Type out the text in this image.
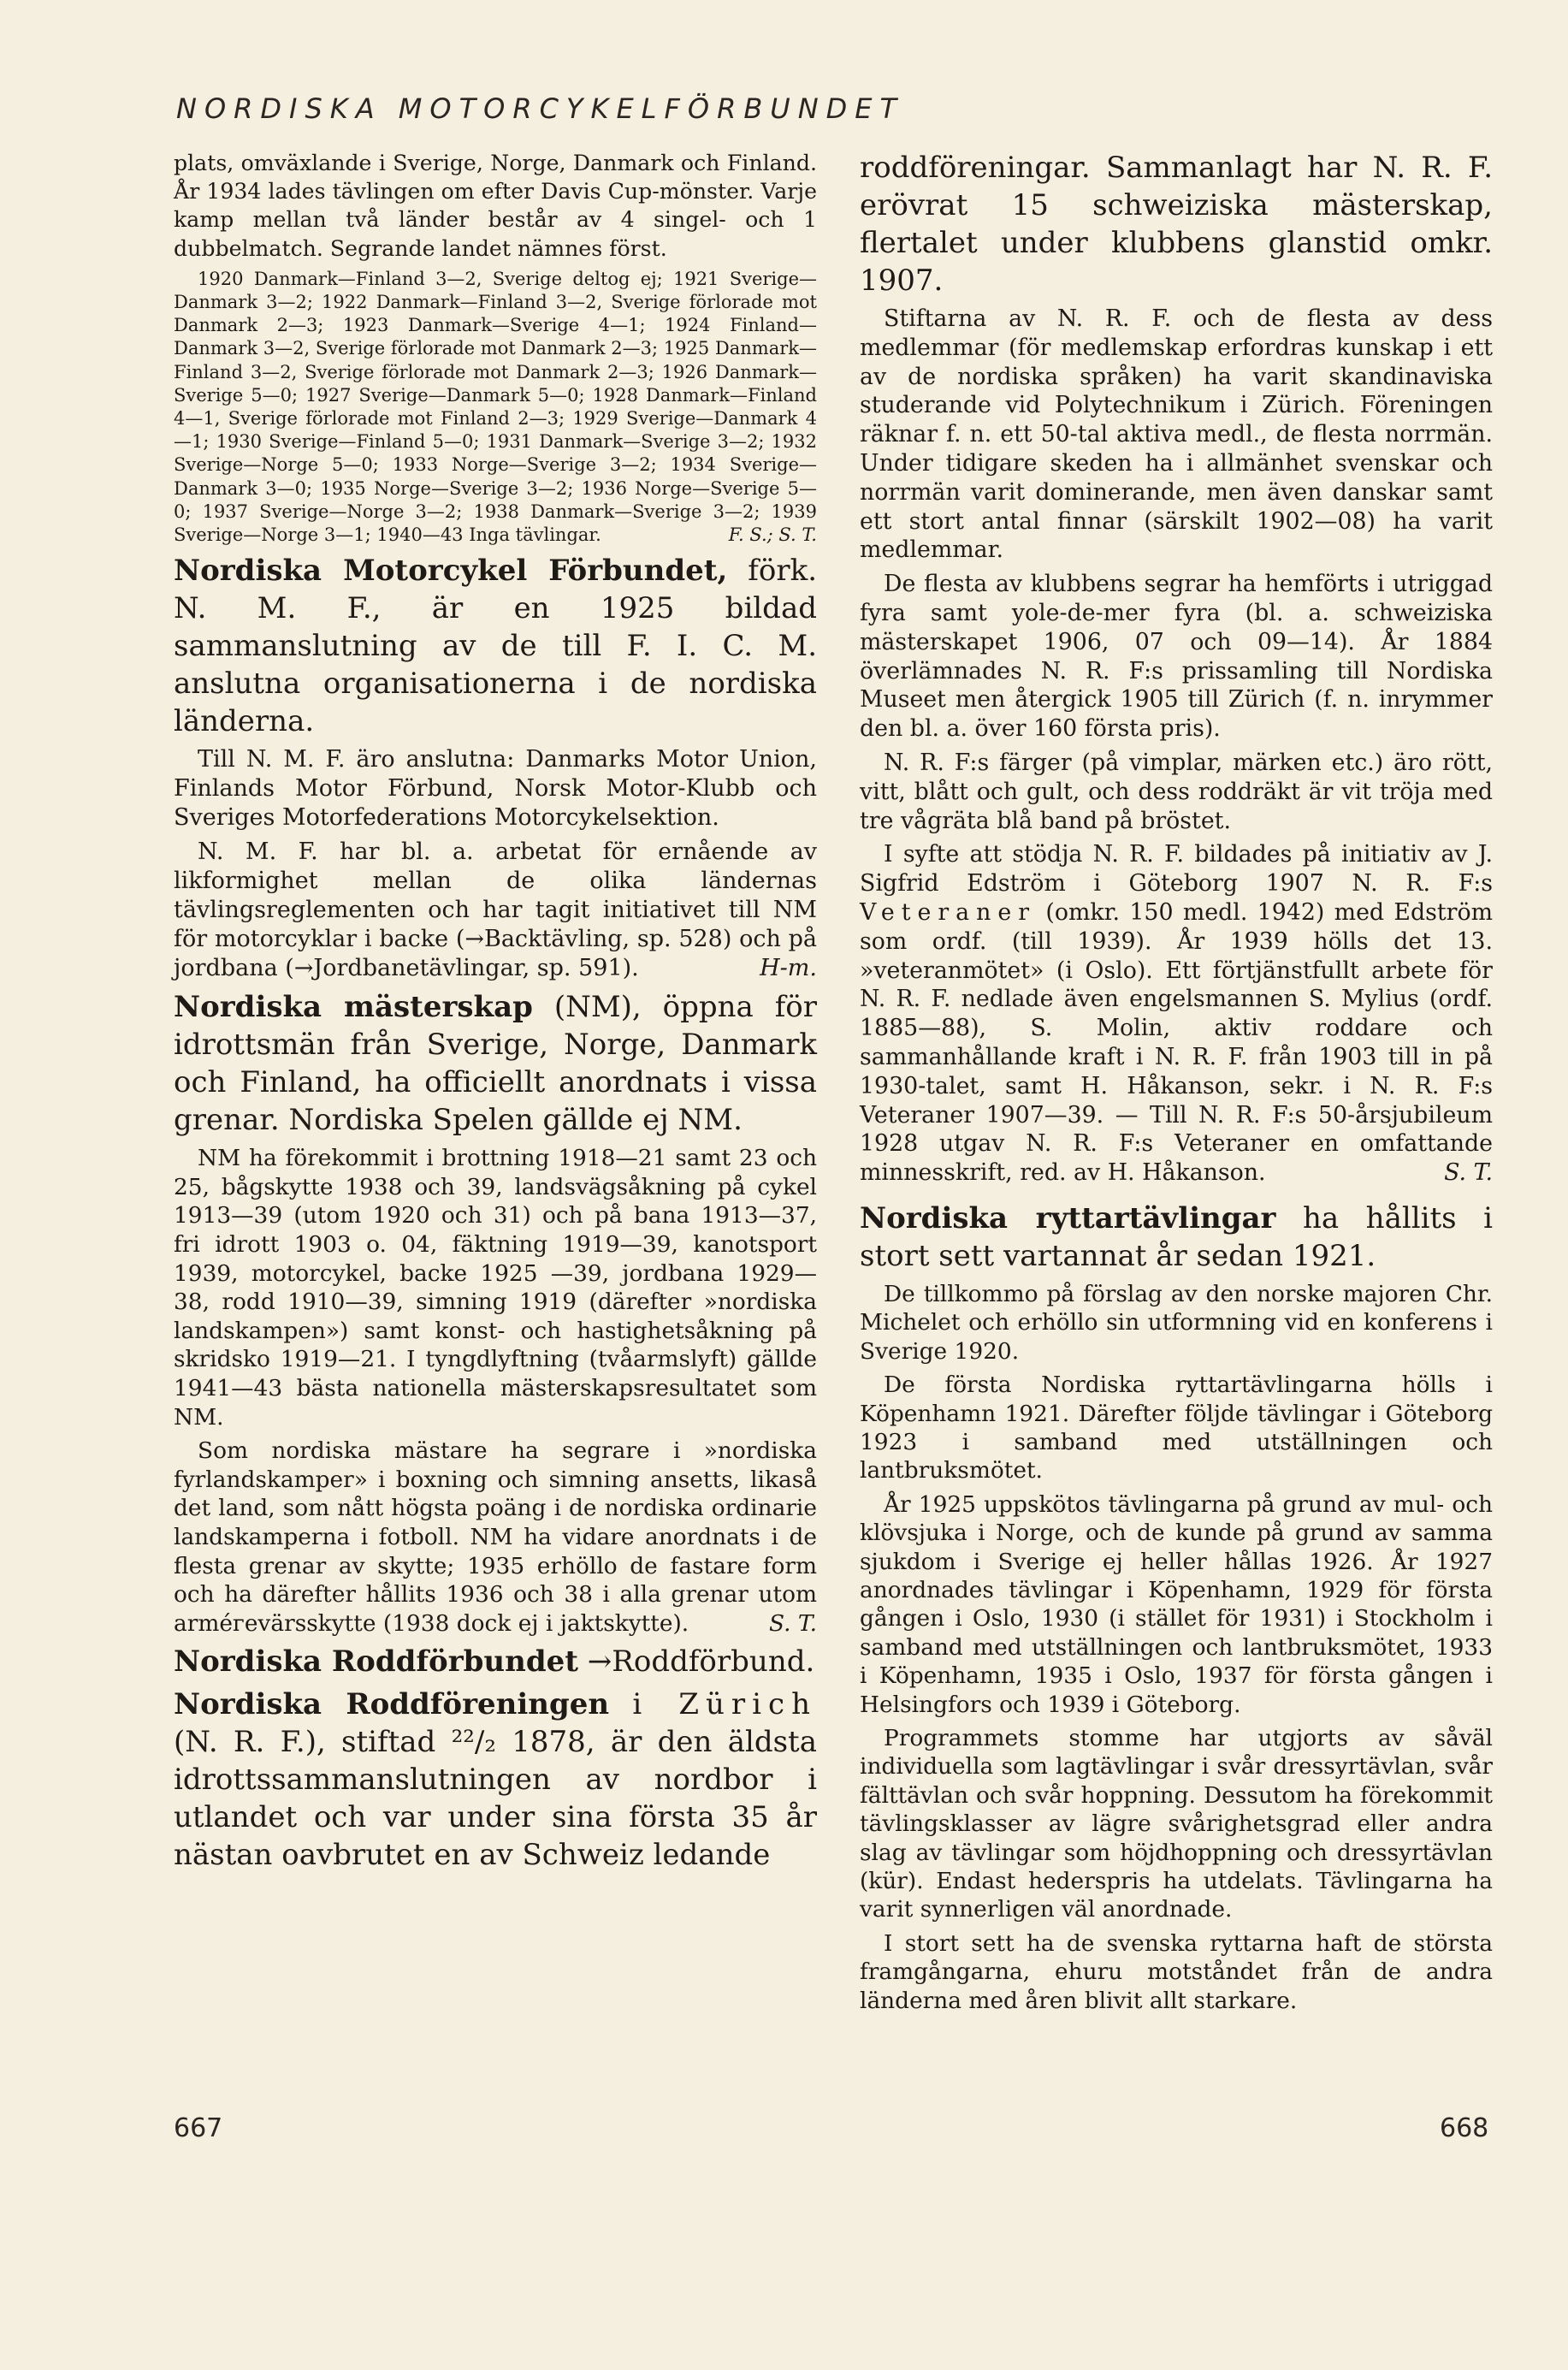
NORDISKA MOTORCYKELFÖRBUNDET

plats, omväxlande i Sverige, Norge, Danmark och Finland. År 1934 lades tävlingen om efter Davis Cup-mönster. Varje kamp mellan två länder består av 4 singel- och 1 dubbelmatch. Segrande landet nämnes först.

1920 Danmark—Finland 3—2, Sverige deltog ej; 1921 Sverige—Danmark 3—2; 1922 Danmark—Finland 3—2, Sverige förlorade mot Danmark 2—3; 1923 Danmark—Sverige 4—1; 1924 Finland—Danmark 3—2, Sverige förlorade mot Danmark 2—3; 1925 Danmark—Finland 3—2, Sverige förlorade mot Danmark 2—3; 1926 Danmark—Sverige 5—0; 1927 Sverige—Danmark 5—0; 1928 Danmark—Finland 4—1, Sverige förlorade mot Finland 2—3; 1929 Sverige—Danmark 4—1; 1930 Sverige—Finland 5—0; 1931 Danmark—Sverige 3—2; 1932 Sverige—Norge 5—0; 1933 Norge—Sverige 3—2; 1934 Sverige—Danmark 3—0; 1935 Norge—Sverige 3—2; 1936 Norge—Sverige 5—0; 1937 Sverige—Norge 3—2; 1938 Danmark—Sverige 3—2; 1939 Sverige—Norge 3—1; 1940—43 Inga tävlingar.	F. S.; S. T.

Nordiska Motorcykel Förbundet, förk. N. M. F., är en 1925 bildad sammanslutning av de till F. I. C. M. anslutna organisationerna i de nordiska länderna.

Till N. M. F. äro anslutna: Danmarks Motor Union, Finlands Motor Förbund, Norsk Motor-Klubb och Sveriges Motorfederations Motorcykelsektion.

N. M. F. har bl. a. arbetat för ernående av likformighet mellan de olika ländernas tävlingsreglementen och har tagit initiativet till NM för motorcyklar i backe (→Backtävling, sp. 528) och på jordbana (→Jordbanetävlingar, sp. 591).	H-m.

Nordiska mästerskap (NM), öppna för idrottsmän från Sverige, Norge, Danmark och Finland, ha officiellt anordnats i vissa grenar. Nordiska Spelen gällde ej NM.

NM ha förekommit i brottning 1918—21 samt 23 och 25, bågskytte 1938 och 39, landsvägsåkning på cykel 1913—39 (utom 1920 och 31) och på bana 1913—37, fri idrott 1903 o. 04, fäktning 1919—39, kanotsport 1939, motorcykel, backe 1925 —39, jordbana 1929—38, rodd 1910—39, simning 1919 (därefter »nordiska landskampen») samt konst- och hastighetsåkning på skridsko 1919—21. I tyngdlyftning (tvåarmslyft) gällde 1941—43 bästa nationella mästerskapsresultatet som NM.

Som nordiska mästare ha segrare i »nordiska fyrlandskamper» i boxning och simning ansetts, likaså det land, som nått högsta poäng i de nordiska ordinarie landskamperna i fotboll. NM ha vidare anordnats i de flesta grenar av skytte; 1935 erhöllo de fastare form och ha därefter hållits 1936 och 38 i alla grenar utom arméгevärsskytte (1938 dock ej i jaktskytte).	S. T.

Nordiska Roddförbundet →Roddförbund.

Nordiska Roddföreningen i Zürich (N. R. F.), stiftad ²²/₂ 1878, är den äldsta idrottssammanslutningen av nordbor i utlandet och var under sina första 35 år nästan oavbrutet en av Schweiz ledande

roddföreningar. Sammanlagt har N. R. F. erövrat 15 schweiziska mästerskap, flertalet under klubbens glanstid omkr. 1907.

Stiftarna av N. R. F. och de flesta av dess medlemmar (för medlemskap erfordras kunskap i ett av de nordiska språken) ha varit skandinaviska studerande vid Polytechnikum i Zürich. Föreningen räknar f. n. ett 50-tal aktiva medl., de flesta norrmän. Under tidigare skeden ha i allmänhet svenskar och norrmän varit dominerande, men även danskar samt ett stort antal finnar (särskilt 1902—08) ha varit medlemmar.

De flesta av klubbens segrar ha hemförts i utriggad fyra samt yole-de-mer fyra (bl. a. schweiziska mästerskapet 1906, 07 och 09—14). År 1884 överlämnades N. R. F:s prissamling till Nordiska Museet men återgick 1905 till Zürich (f. n. inrymmer den bl. a. över 160 första pris).

N. R. F:s färger (på vimplar, märken etc.) äro rött, vitt, blått och gult, och dess roddräkt är vit tröja med tre vågräta blå band på bröstet.

I syfte att stödja N. R. F. bildades på initiativ av J. Sigfrid Edström i Göteborg 1907 N. R. F:s Veteraner (omkr. 150 medl. 1942) med Edström som ordf. (till 1939). År 1939 hölls det 13. »veteranmötet» (i Oslo). Ett förtjänstfullt arbete för N. R. F. nedlade även engelsmannen S. Mylius (ordf. 1885—88), S. Molin, aktiv roddare och sammanhållande kraft i N. R. F. från 1903 till in på 1930-talet, samt H. Håkanson, sekr. i N. R. F:s Veteraner 1907—39. — Till N. R. F:s 50-årsjubileum 1928 utgav N. R. F:s Veteraner en omfattande minnesskrift, red. av H. Håkanson.	S. T.

Nordiska ryttartävlingar ha hållits i stort sett vartannat år sedan 1921.

De tillkommo på förslag av den norske majoren Chr. Michelet och erhöllo sin utformning vid en konferens i Sverige 1920.

De första Nordiska ryttartävlingarna hölls i Köpenhamn 1921. Därefter följde tävlingar i Göteborg 1923 i samband med utställningen och lantbruksmötet.

År 1925 uppskötos tävlingarna på grund av mul- och klövsjuka i Norge, och de kunde på grund av samma sjukdom i Sverige ej heller hållas 1926. År 1927 anordnades tävlingar i Köpenhamn, 1929 för första gången i Oslo, 1930 (i stället för 1931) i Stockholm i samband med utställningen och lantbruksmötet, 1933 i Köpenhamn, 1935 i Oslo, 1937 för första gången i Helsingfors och 1939 i Göteborg.

Programmets stomme har utgjorts av såväl individuella som lagtävlingar i svår dressyrtävlan, svår fälttävlan och svår hoppning. Dessutom ha förekommit tävlingsklasser av lägre svårighetsgrad eller andra slag av tävlingar som höjdhoppning och dressyrtävlan (kür). Endast hederspris ha utdelats. Tävlingarna ha varit synnerligen väl anordnade.

I stort sett ha de svenska ryttarna haft de största framgångarna, ehuru motståndet från de andra länderna med åren blivit allt starkare.

667	668
